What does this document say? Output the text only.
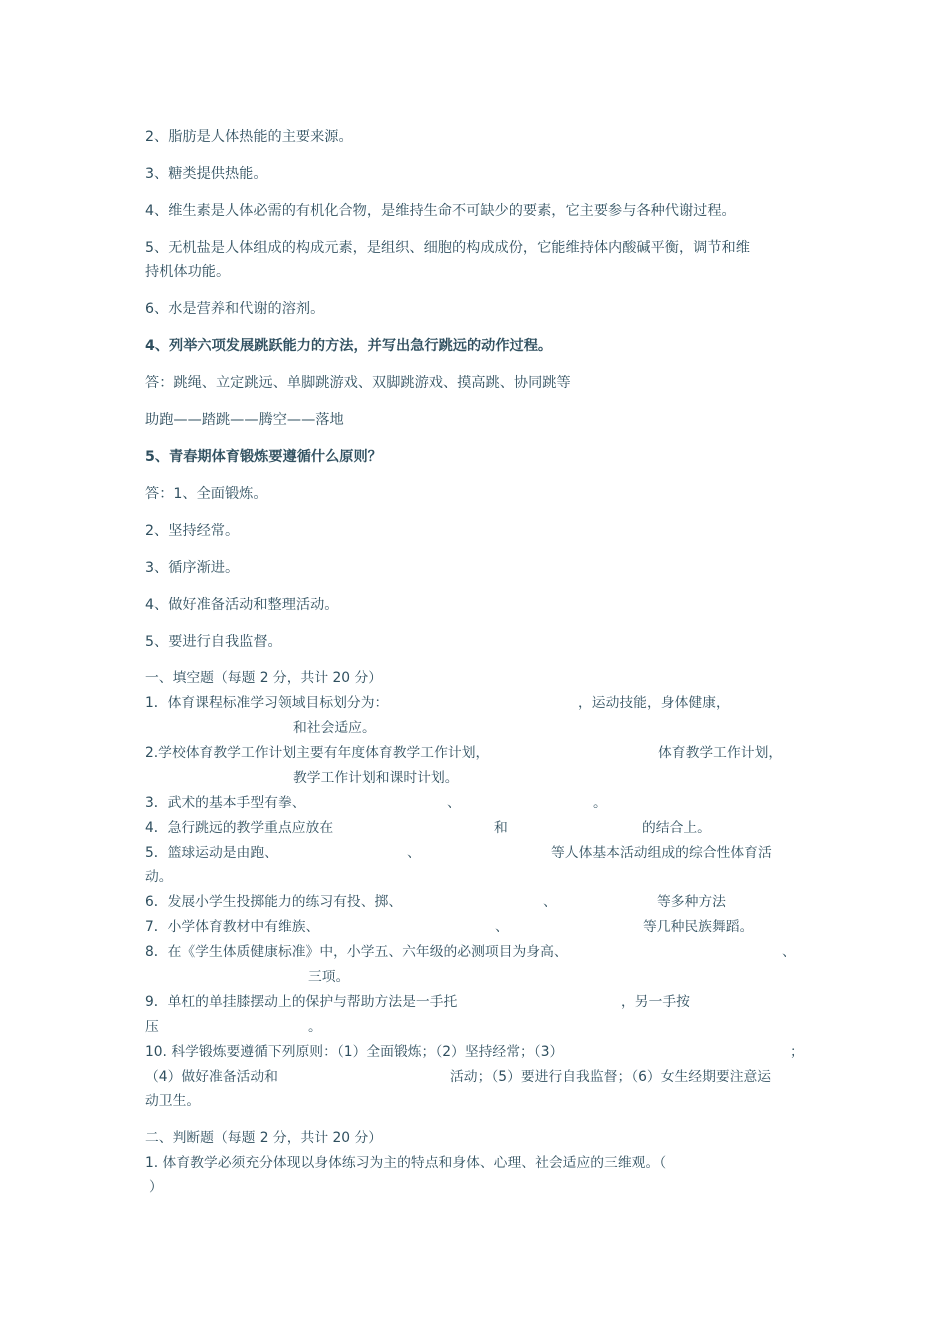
2、脂肪是人体热能的主要来源。
3、糖类提供热能。
4、维生素是人体必需的有机化合物，是维持生命不可缺少的要素，它主要参与各种代谢过程。
5、无机盐是人体组成的构成元素，是组织、细胞的构成成份，它能维持体内酸碱平衡，调节和维
持机体功能。
6、水是营养和代谢的溶剂。
4、列举六项发展跳跃能力的方法，并写出急行跳远的动作过程。
答：跳绳、立定跳远、单脚跳游戏、双脚跳游戏、摸高跳、协同跳等
助跑——踏跳——腾空——落地
5、青春期体育锻炼要遵循什么原则？
答：1、全面锻炼。
2、坚持经常。
3、循序渐进。
4、做好准备活动和整理活动。
5、要进行自我监督。
一、填空题（每题 2 分，共计 20 分）
1．体育课程标准学习领域目标划分为：	，运动技能，身体健康，
和社会适应。
2.学校体育教学工作计划主要有年度体育教学工作计划，	体育教学工作计划，
教学工作计划和课时计划。
3．武术的基本手型有拳、	、	。
4．急行跳远的教学重点应放在	和	的结合上。
5．篮球运动是由跑、	、	等人体基本活动组成的综合性体育活
动。
6．发展小学生投掷能力的练习有投、掷、	、	等多种方法
7．小学体育教材中有维族、	、	等几种民族舞蹈。
8．在《学生体质健康标准》中，小学五、六年级的必测项目为身高、	、
三项。
9．单杠的单挂膝摆动上的保护与帮助方法是一手托	，另一手按
压	。
10. 科学锻炼要遵循下列原则：（1）全面锻炼；（2）坚持经常；（3）	；
（4）做好准备活动和	活动；（5）要进行自我监督；（6）女生经期要注意运
动卫生。
二、判断题（每题 2 分，共计 20 分）
1. 体育教学必须充分体现以身体练习为主的特点和身体、心理、社会适应的三维观。（
）
